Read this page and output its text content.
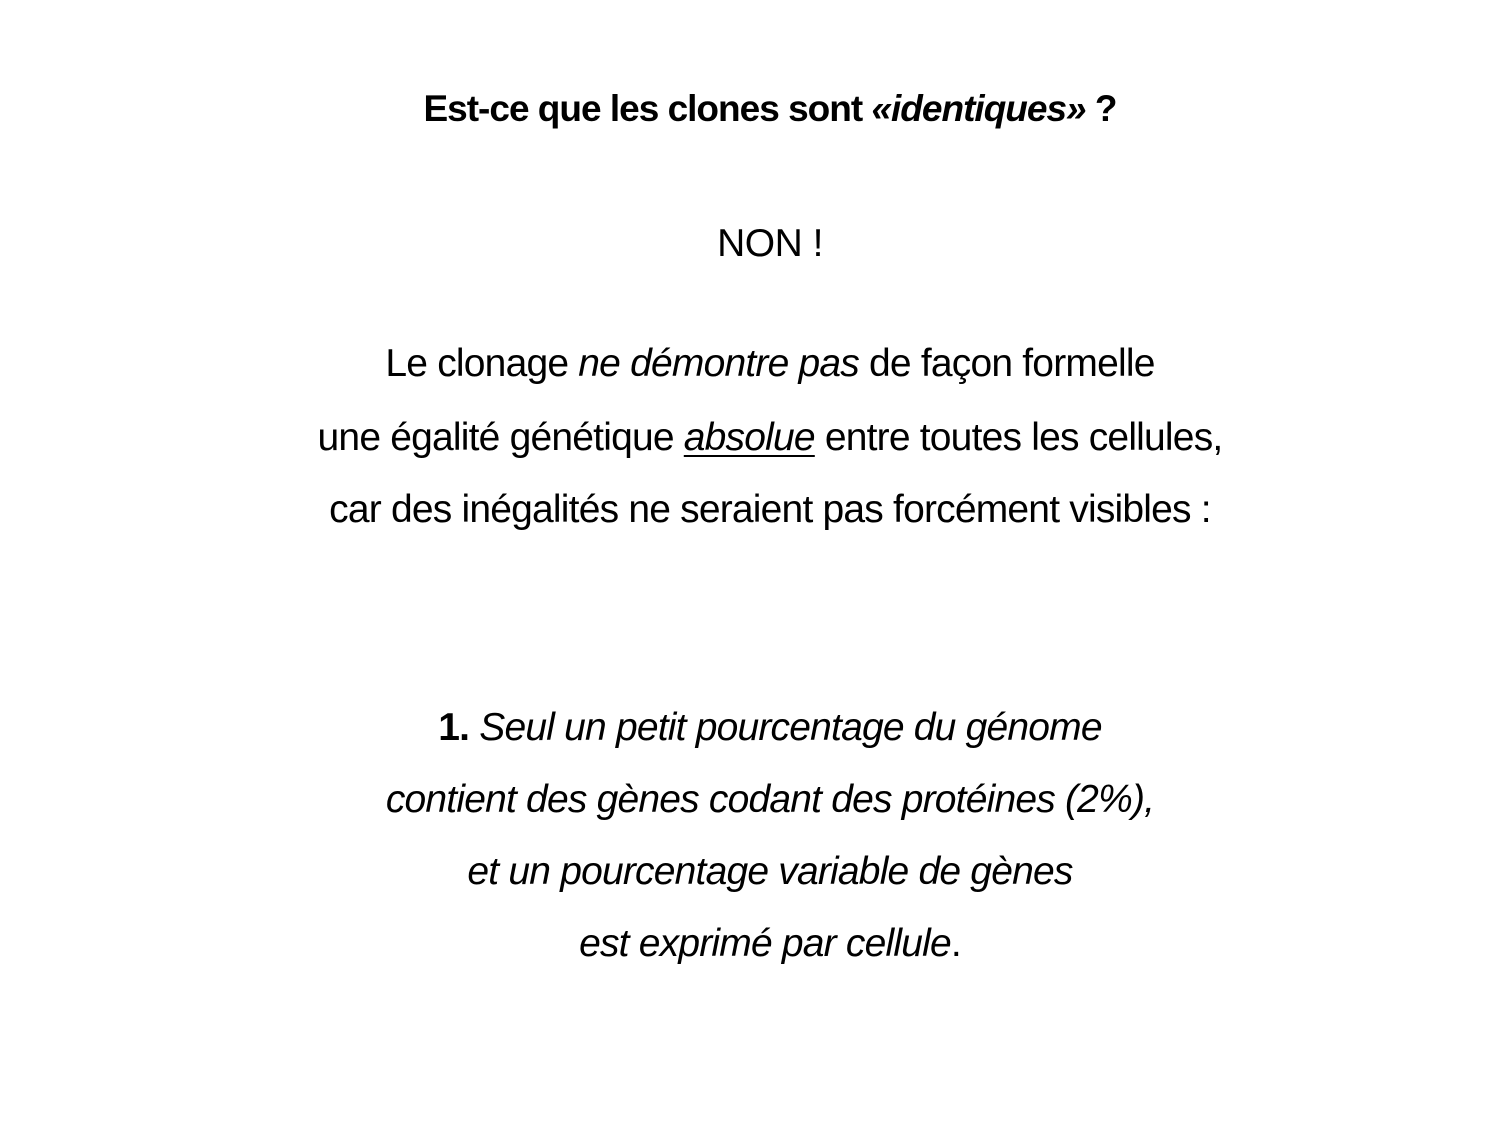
Est-ce que les clones sont «identiques» ?
NON !
Le clonage ne démontre pas de façon formelle
une égalité génétique absolue entre toutes les cellules,
car des inégalités ne seraient pas forcément visibles :
1. Seul un petit pourcentage du génome
contient des gènes codant des protéines (2%),
et un pourcentage variable de gènes
est exprimé par cellule.
